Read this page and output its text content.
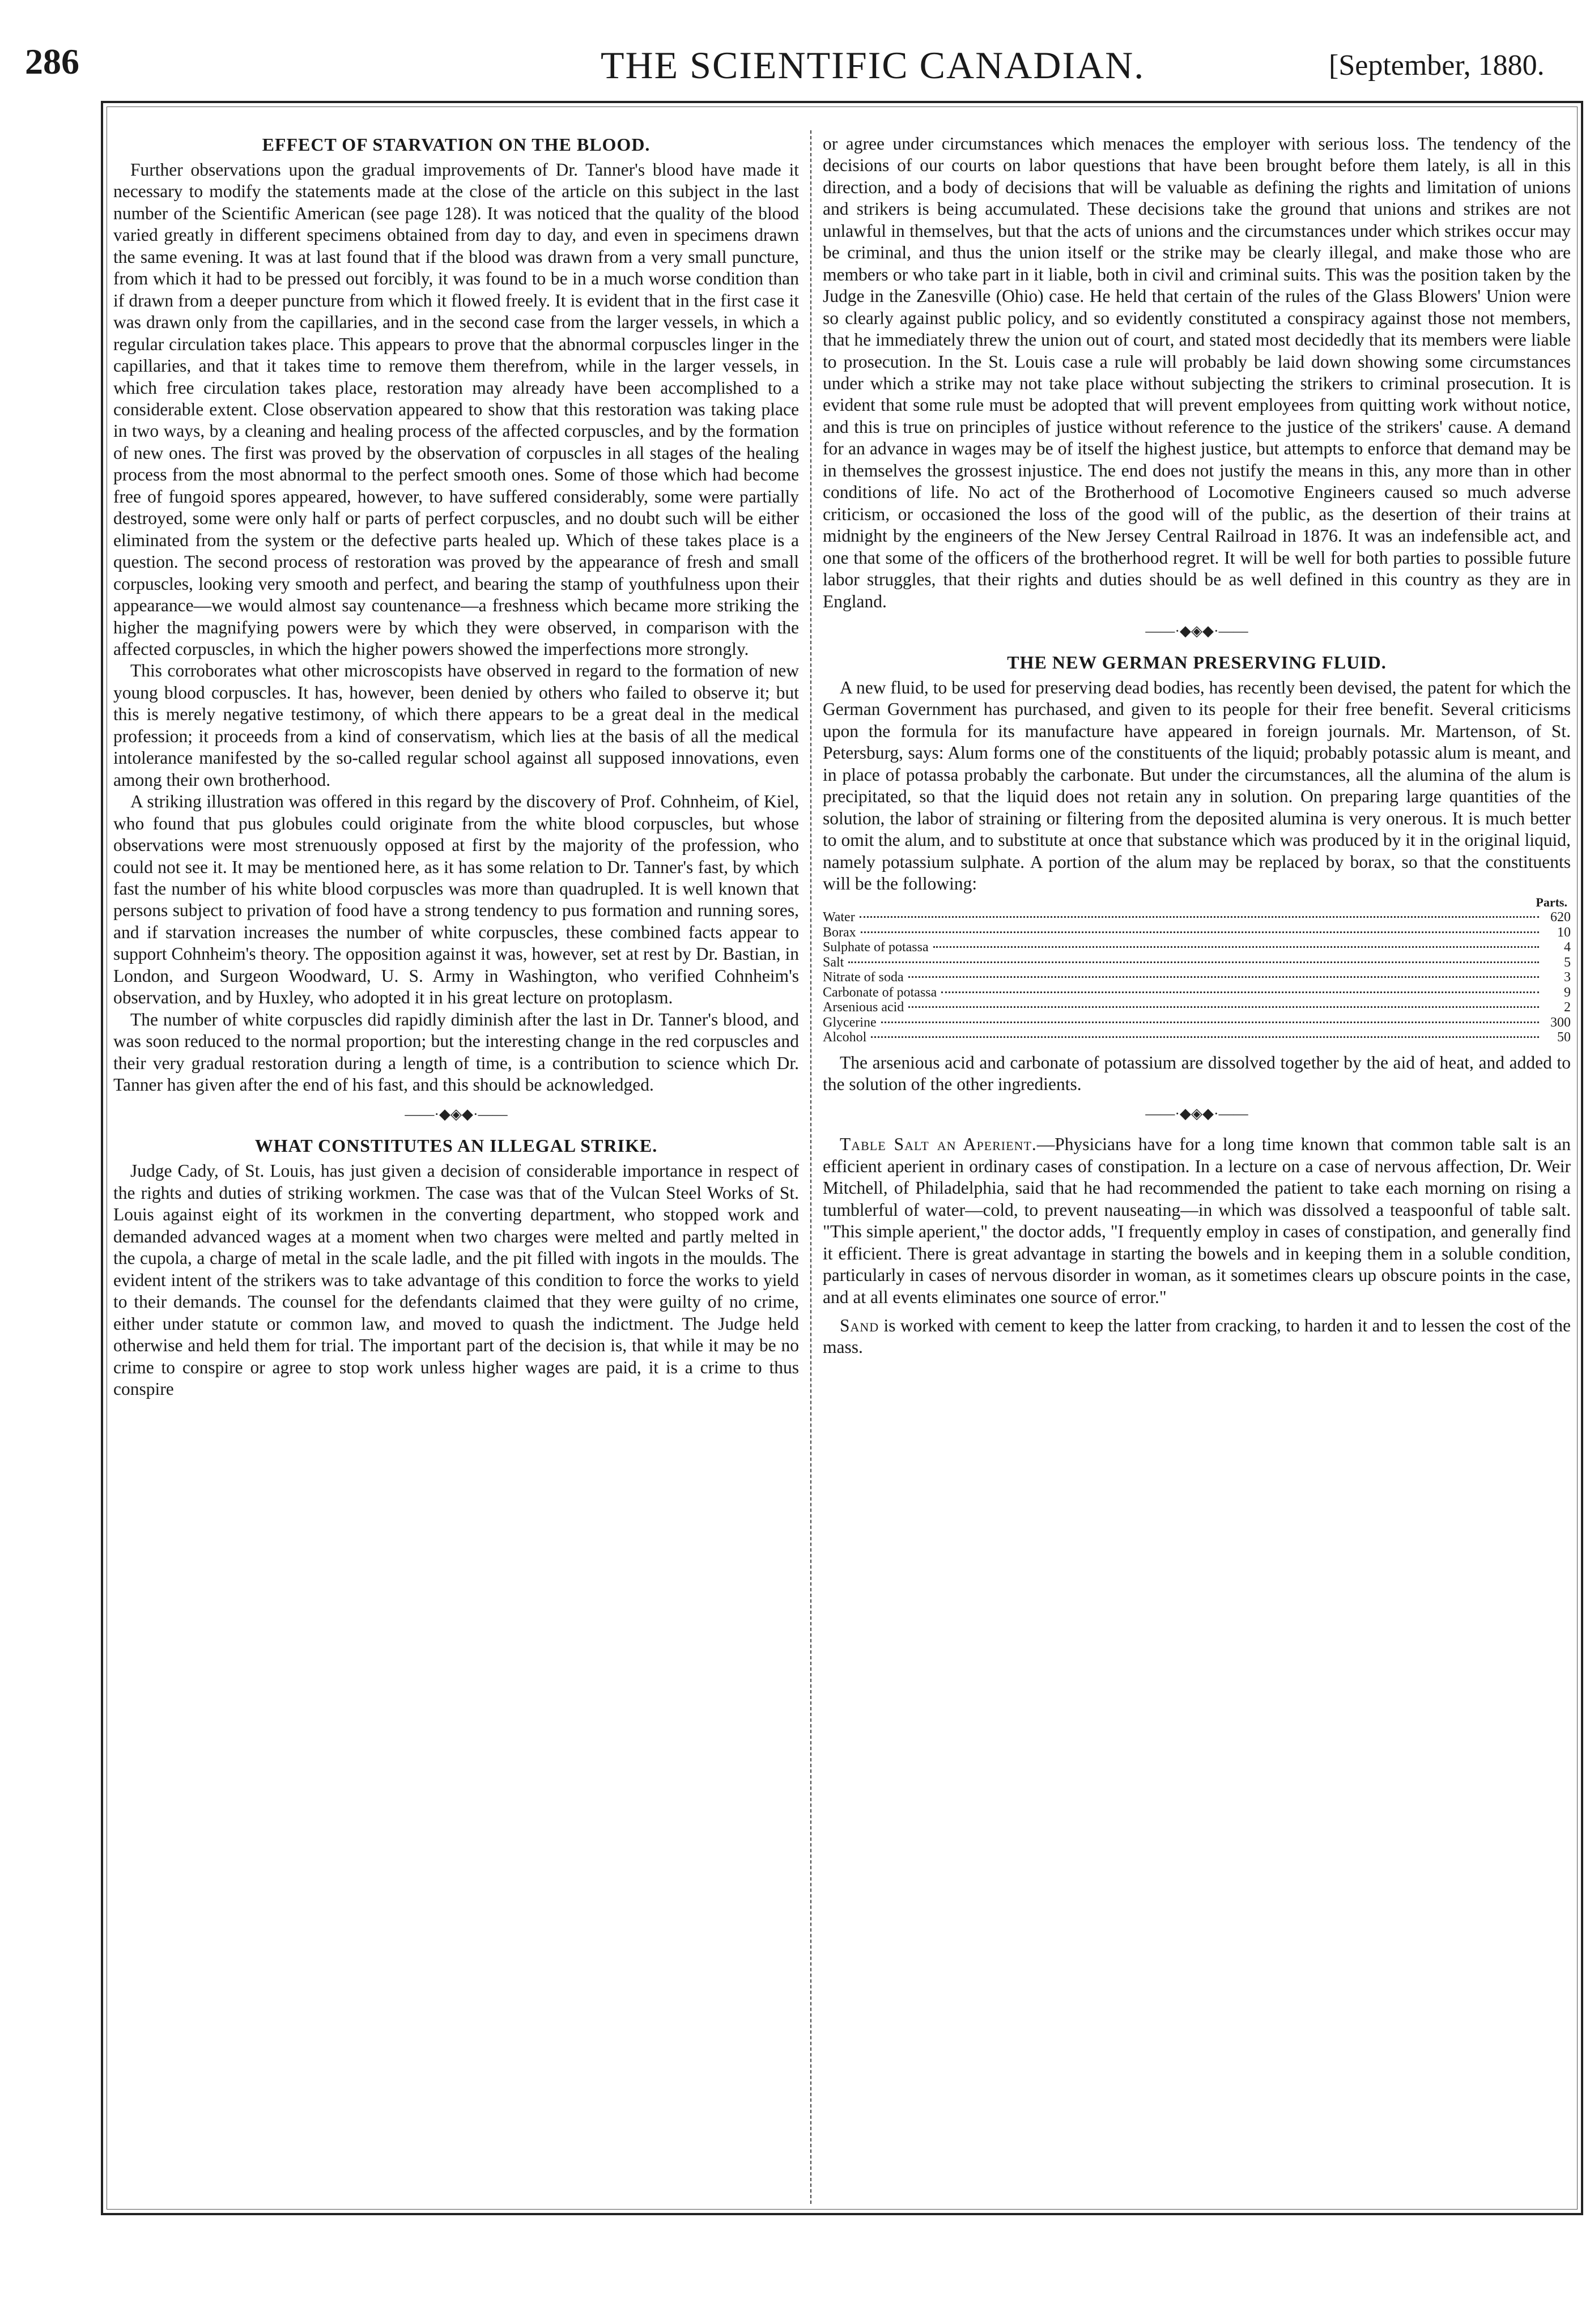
286	THE SCIENTIFIC CANADIAN.	[September, 1880.
EFFECT OF STARVATION ON THE BLOOD.

Further observations upon the gradual improvements of Dr. Tanner's blood have made it necessary to modify the statements made at the close of the article on this subject in the last number of the Scientific American (see page 128). It was noticed that the quality of the blood varied greatly in different specimens obtained from day to day, and even in specimens drawn the same evening. It was at last found that if the blood was drawn from a very small puncture, from which it had to be pressed out forcibly, it was found to be in a much worse condition than if drawn from a deeper puncture from which it flowed freely. It is evident that in the first case it was drawn only from the capillaries, and in the second case from the larger vessels, in which a regular circulation takes place. This appears to prove that the abnormal corpuscles linger in the capillaries, and that it takes time to remove them therefrom, while in the larger vessels, in which free circulation takes place, restoration may already have been accomplished to a considerable extent. Close observation appeared to show that this restoration was taking place in two ways, by a cleaning and healing process of the affected corpuscles, and by the formation of new ones. The first was proved by the observation of corpuscles in all stages of the healing process from the most abnormal to the perfect smooth ones. Some of those which had become free of fungoid spores appeared, however, to have suffered considerably, some were partially destroyed, some were only half or parts of perfect corpuscles, and no doubt such will be either eliminated from the system or the defective parts healed up. Which of these takes place is a question. The second process of restoration was proved by the appearance of fresh and small corpuscles, looking very smooth and perfect, and bearing the stamp of youthfulness upon their appearance—we would almost say countenance—a freshness which became more striking the higher the magnifying powers were by which they were observed, in comparison with the affected corpuscles, in which the higher powers showed the imperfections more strongly.

This corroborates what other microscopists have observed in regard to the formation of new young blood corpuscles. It has, however, been denied by others who failed to observe it; but this is merely negative testimony, of which there appears to be a great deal in the medical profession; it proceeds from a kind of conservatism, which lies at the basis of all the medical intolerance manifested by the so-called regular school against all supposed innovations, even among their own brotherhood.

A striking illustration was offered in this regard by the discovery of Prof. Cohnheim, of Kiel, who found that pus globules could originate from the white blood corpuscles, but whose observations were most strenuously opposed at first by the majority of the profession, who could not see it. It may be mentioned here, as it has some relation to Dr. Tanner's fast, by which fast the number of his white blood corpuscles was more than quadrupled. It is well known that persons subject to privation of food have a strong tendency to pus formation and running sores, and if starvation increases the number of white corpuscles, these combined facts appear to support Cohnheim's theory. The opposition against it was, however, set at rest by Dr. Bastian, in London, and Surgeon Woodward, U. S. Army in Washington, who verified Cohnheim's observation, and by Huxley, who adopted it in his great lecture on protoplasm.

The number of white corpuscles did rapidly diminish after the last in Dr. Tanner's blood, and was soon reduced to the normal proportion; but the interesting change in the red corpuscles and their very gradual restoration during a length of time, is a contribution to science which Dr. Tanner has given after the end of his fast, and this should be acknowledged.

——·◆◈◆·——
WHAT CONSTITUTES AN ILLEGAL STRIKE.

Judge Cady, of St. Louis, has just given a decision of considerable importance in respect of the rights and duties of striking workmen. The case was that of the Vulcan Steel Works of St. Louis against eight of its workmen in the converting department, who stopped work and demanded advanced wages at a moment when two charges were melted and partly melted in the cupola, a charge of metal in the scale ladle, and the pit filled with ingots in the moulds. The evident intent of the strikers was to take advantage of this condition to force the works to yield to their demands. The counsel for the defendants claimed that they were guilty of no crime, either under statute or common law, and moved to quash the indictment. The Judge held otherwise and held them for trial. The important part of the decision is, that while it may be no crime to conspire or agree to stop work unless higher wages are paid, it is a crime to thus conspire

or agree under circumstances which menaces the employer with serious loss. The tendency of the decisions of our courts on labor questions that have been brought before them lately, is all in this direction, and a body of decisions that will be valuable as defining the rights and limitation of unions and strikers is being accumulated. These decisions take the ground that unions and strikes are not unlawful in themselves, but that the acts of unions and the circumstances under which strikes occur may be criminal, and thus the union itself or the strike may be clearly illegal, and make those who are members or who take part in it liable, both in civil and criminal suits. This was the position taken by the Judge in the Zanesville (Ohio) case. He held that certain of the rules of the Glass Blowers' Union were so clearly against public policy, and so evidently constituted a conspiracy against those not members, that he immediately threw the union out of court, and stated most decidedly that its members were liable to prosecution. In the St. Louis case a rule will probably be laid down showing some circumstances under which a strike may not take place without subjecting the strikers to criminal prosecution. It is evident that some rule must be adopted that will prevent employees from quitting work without notice, and this is true on principles of justice without reference to the justice of the strikers' cause. A demand for an advance in wages may be of itself the highest justice, but attempts to enforce that demand may be in themselves the grossest injustice. The end does not justify the means in this, any more than in other conditions of life. No act of the Brotherhood of Locomotive Engineers caused so much adverse criticism, or occasioned the loss of the good will of the public, as the desertion of their trains at midnight by the engineers of the New Jersey Central Railroad in 1876. It was an indefensible act, and one that some of the officers of the brotherhood regret. It will be well for both parties to possible future labor struggles, that their rights and duties should be as well defined in this country as they are in England.

——·◆◈◆·——
THE NEW GERMAN PRESERVING FLUID.

A new fluid, to be used for preserving dead bodies, has recently been devised, the patent for which the German Government has purchased, and given to its people for their free benefit. Several criticisms upon the formula for its manufacture have appeared in foreign journals. Mr. Martenson, of St. Petersburg, says: Alum forms one of the constituents of the liquid; probably potassic alum is meant, and in place of potassa probably the carbonate. But under the circumstances, all the alumina of the alum is precipitated, so that the liquid does not retain any in solution. On preparing large quantities of the solution, the labor of straining or filtering from the deposited alumina is very onerous. It is much better to omit the alum, and to substitute at once that substance which was produced by it in the original liquid, namely potassium sulphate. A portion of the alum may be replaced by borax, so that the constituents will be the following:

Parts.
Water	620
Borax	10
Sulphate of potassa	4
Salt	5
Nitrate of soda	3
Carbonate of potassa	9
Arsenious acid	2
Glycerine	300
Alcohol	50

The arsenious acid and carbonate of potassium are dissolved together by the aid of heat, and added to the solution of the other ingredients.

——·◆◈◆·——

Table Salt an Aperient.—Physicians have for a long time known that common table salt is an efficient aperient in ordinary cases of constipation. In a lecture on a case of nervous affection, Dr. Weir Mitchell, of Philadelphia, said that he had recommended the patient to take each morning on rising a tumblerful of water—cold, to prevent nauseating—in which was dissolved a teaspoonful of table salt. "This simple aperient," the doctor adds, "I frequently employ in cases of constipation, and generally find it efficient. There is great advantage in starting the bowels and in keeping them in a soluble condition, particularly in cases of nervous disorder in woman, as it sometimes clears up obscure points in the case, and at all events eliminates one source of error."

Sand is worked with cement to keep the latter from cracking, to harden it and to lessen the cost of the mass.
